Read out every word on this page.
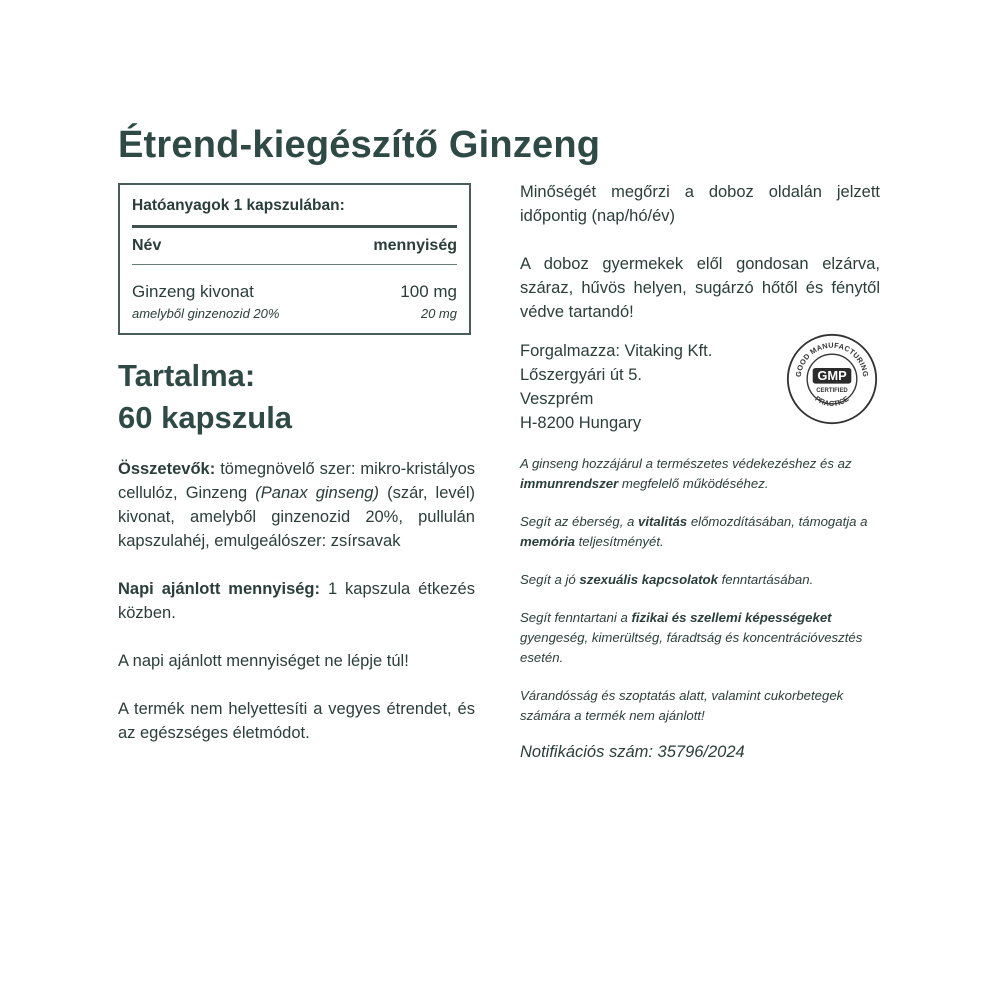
Étrend-kiegészítő Ginzeng
Hatóanyagok 1 kapszulában:
Név	mennyiség
Ginzeng kivonat	100 mg
amelyből ginzenozid 20%	20 mg
Tartalma:
60 kapszula

Összetevők: tömegnövelő szer: mikro-kristályos cellulóz, Ginzeng (Panax ginseng) (szár, levél) kivonat, amelyből ginzenozid 20%, pullulán kapszulahéj, emulgeálószer: zsírsavak

Napi ajánlott mennyiség: 1 kapszula étkezés közben.

A napi ajánlott mennyiséget ne lépje túl!

A termék nem helyettesíti a vegyes étrendet, és az egészséges életmódot.

Minőségét megőrzi a doboz oldalán jelzett időpontig (nap/hó/év)

A doboz gyermekek elől gondosan elzárva, száraz, hűvös helyen, sugárzó hőtől és fénytől védve tartandó!

Forgalmazza: Vitaking Kft.
Lőszergyári út 5.
Veszprém
H-8200 Hungary
GOOD MANUFACTURING
PRACTICE
GMP
CERTIFIED

A ginseng hozzájárul a természetes védekezéshez és az immunrendszer megfelelő működéséhez.

Segít az éberség, a vitalitás előmozdításában, támogatja a memória teljesítményét.

Segít a jó szexuális kapcsolatok fenntartásában.

Segít fenntartani a fizikai és szellemi képességeket gyengeség, kimerültség, fáradtság és koncentrációvesztés esetén.

Várandósság és szoptatás alatt, valamint cukorbetegek számára a termék nem ajánlott!

Notifikációs szám: 35796/2024
